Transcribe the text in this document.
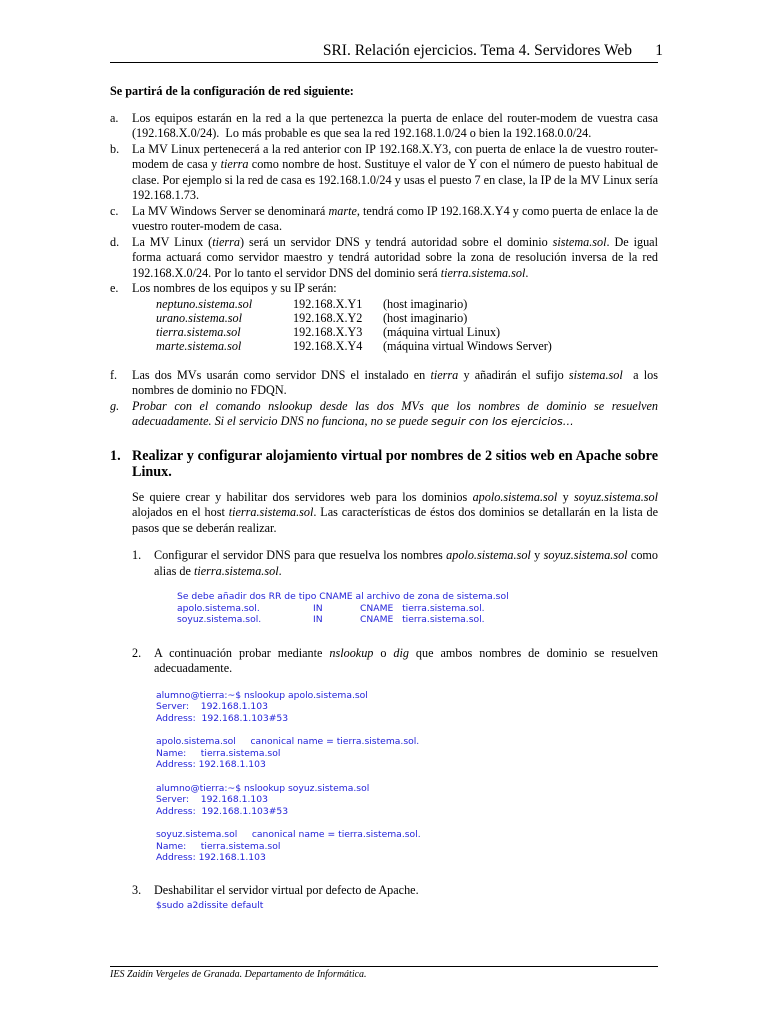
SRI. Relación ejercicios. Tema 4. Servidores Web 1

Se partirá de la configuración de red siguiente:

a. Los equipos estarán en la red a la que pertenezca la puerta de enlace del router-modem de vuestra casa (192.168.X.0/24).  Lo más probable es que sea la red 192.168.1.0/24 o bien la 192.168.0.0/24.
b. La MV Linux pertenecerá a la red anterior con IP 192.168.X.Y3, con puerta de enlace la de vuestro router-modem de casa y tierra como nombre de host. Sustituye el valor de Y con el número de puesto habitual de clase. Por ejemplo si la red de casa es 192.168.1.0/24 y usas el puesto 7 en clase, la IP de la MV Linux sería 192.168.1.73.
c. La MV Windows Server se denominará marte, tendrá como IP 192.168.X.Y4 y como puerta de enlace la de vuestro router-modem de casa.
d. La MV Linux (tierra) será un servidor DNS y tendrá autoridad sobre el dominio sistema.sol. De igual forma actuará como servidor maestro y tendrá autoridad sobre la zona de resolución inversa de la red 192.168.X.0/24. Por lo tanto el servidor DNS del dominio será tierra.sistema.sol.
e. Los nombres de los equipos y su IP serán:
neptuno.sistema.sol	192.168.X.Y1	(host imaginario)
urano.sistema.sol	192.168.X.Y2	(host imaginario)
tierra.sistema.sol	192.168.X.Y3	(máquina virtual Linux)
marte.sistema.sol	192.168.X.Y4	(máquina virtual Windows Server)
f. Las dos MVs usarán como servidor DNS el instalado en tierra y añadirán el sufijo sistema.sol  a los nombres de dominio no FDQN.
g. Probar con el comando nslookup desde las dos MVs que los nombres de dominio se resuelven adecuadamente. Si el servicio DNS no funciona, no se puede seguir con los ejercicios…
1. Realizar y configurar alojamiento virtual por nombres de 2 sitios web en Apache sobre Linux.

Se quiere crear y habilitar dos servidores web para los dominios apolo.sistema.sol y soyuz.sistema.sol alojados en el host tierra.sistema.sol. Las características de éstos dos dominios se detallarán en la lista de pasos que se deberán realizar.

1. Configurar el servidor DNS para que resuelva los nombres apolo.sistema.sol y soyuz.sistema.sol como alias de tierra.sistema.sol.
Se debe añadir dos RR de tipo CNAME al archivo de zona de sistema.sol
apolo.sistema.sol.	IN	CNAME   tierra.sistema.sol.
soyuz.sistema.sol.	IN	CNAME   tierra.sistema.sol.
2. A continuación probar mediante nslookup o dig que ambos nombres de dominio se resuelven adecuadamente.
alumno@tierra:~$ nslookup apolo.sistema.sol
Server:    192.168.1.103
Address:  192.168.1.103#53
apolo.sistema.sol     canonical name = tierra.sistema.sol.
Name:     tierra.sistema.sol
Address: 192.168.1.103
alumno@tierra:~$ nslookup soyuz.sistema.sol
Server:    192.168.1.103
Address:  192.168.1.103#53
soyuz.sistema.sol     canonical name = tierra.sistema.sol.
Name:     tierra.sistema.sol
Address: 192.168.1.103
3. Deshabilitar el servidor virtual por defecto de Apache.
$sudo a2dissite default
IES Zaidín Vergeles de Granada. Departamento de Informática.
